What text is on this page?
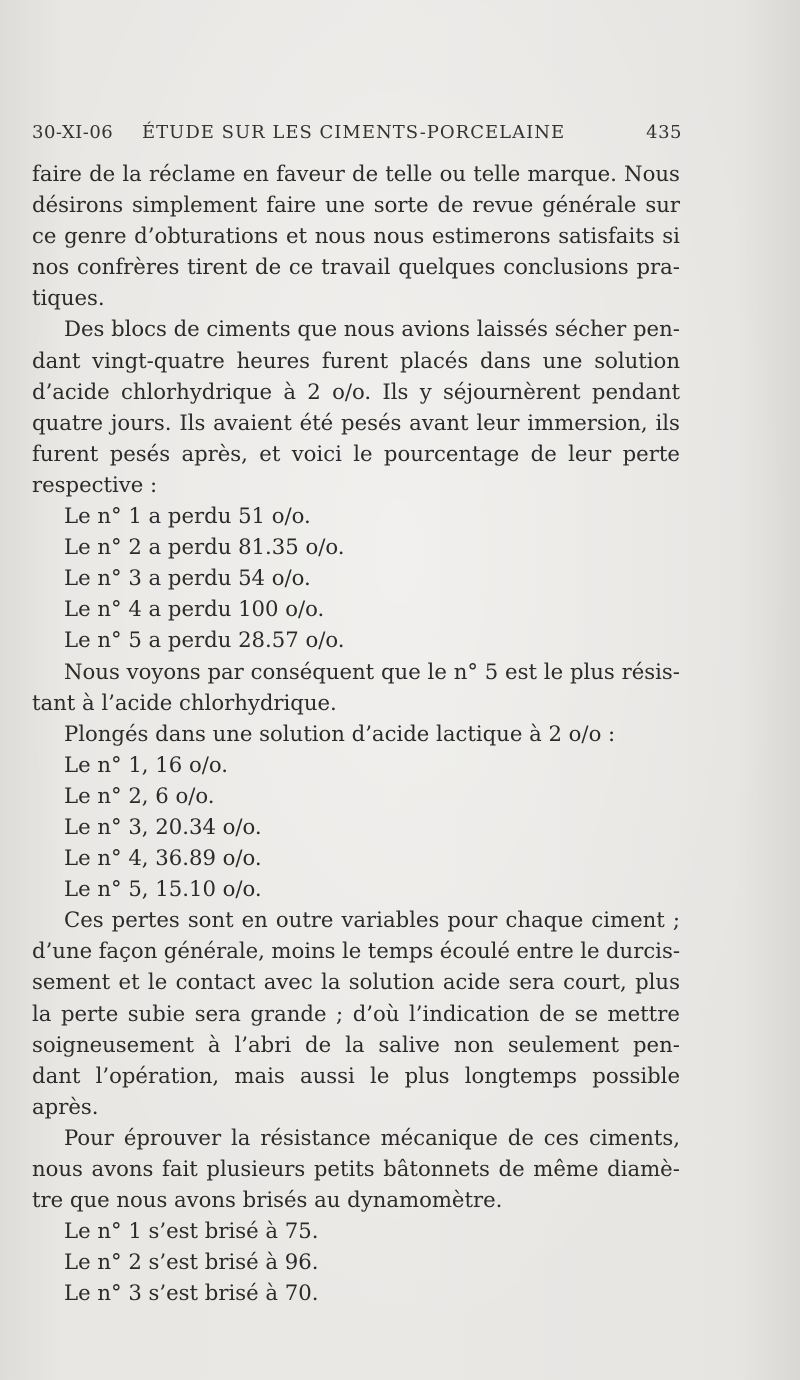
30-XI-06 ÉTUDE SUR LES CIMENTS-PORCELAINE	435
faire de la réclame en faveur de telle ou telle marque. Nous
désirons simplement faire une sorte de revue générale sur
ce genre d’obturations et nous nous estimerons satisfaits si
nos confrères tirent de ce travail quelques conclusions pra-
tiques.
Des blocs de ciments que nous avions laissés sécher pen-
dant vingt-quatre heures furent placés dans une solution
d’acide chlorhydrique à 2 o/o. Ils y séjournèrent pendant
quatre jours. Ils avaient été pesés avant leur immersion, ils
furent pesés après, et voici le pourcentage de leur perte
respective :
Le n° 1 a perdu 51 o/o.
Le n° 2 a perdu 81.35 o/o.
Le n° 3 a perdu 54 o/o.
Le n° 4 a perdu 100 o/o.
Le n° 5 a perdu 28.57 o/o.
Nous voyons par conséquent que le n° 5 est le plus résis-
tant à l’acide chlorhydrique.
Plongés dans une solution d’acide lactique à 2 o/o :
Le n° 1, 16 o/o.
Le n° 2, 6 o/o.
Le n° 3, 20.34 o/o.
Le n° 4, 36.89 o/o.
Le n° 5, 15.10 o/o.
Ces pertes sont en outre variables pour chaque ciment ;
d’une façon générale, moins le temps écoulé entre le durcis-
sement et le contact avec la solution acide sera court, plus
la perte subie sera grande ; d’où l’indication de se mettre
soigneusement à l’abri de la salive non seulement pen-
dant l’opération, mais aussi le plus longtemps possible
après.
Pour éprouver la résistance mécanique de ces ciments,
nous avons fait plusieurs petits bâtonnets de même diamè-
tre que nous avons brisés au dynamomètre.
Le n° 1 s’est brisé à 75.
Le n° 2 s’est brisé à 96.
Le n° 3 s’est brisé à 70.
